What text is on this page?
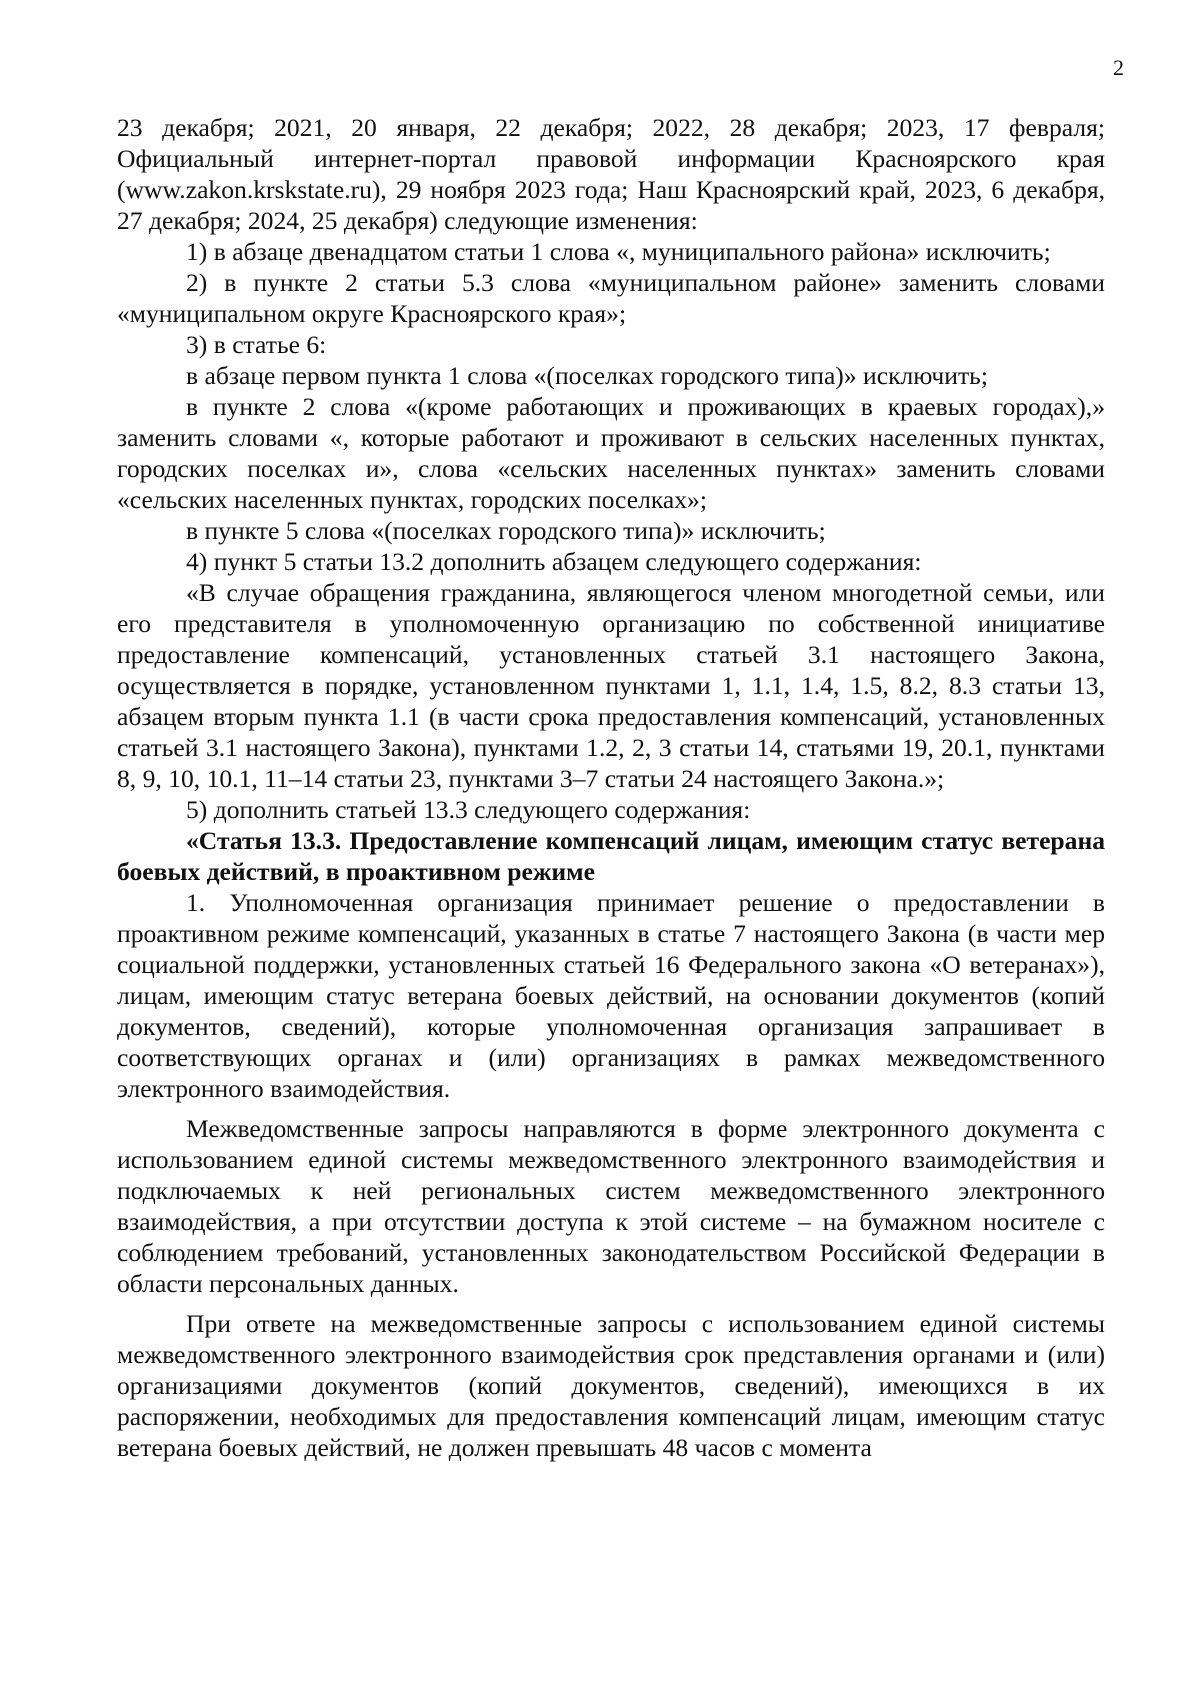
2

23 декабря; 2021, 20 января, 22 декабря; 2022, 28 декабря; 2023, 17 февраля; Официальный интернет-портал правовой информации Красноярского края (www.zakon.krskstate.ru), 29 ноября 2023 года; Наш Красноярский край, 2023, 6 декабря, 27 декабря; 2024, 25 декабря) следующие изменения:

1) в абзаце двенадцатом статьи 1 слова «, муниципального района» исключить;

2) в пункте 2 статьи 5.3 слова «муниципальном районе» заменить словами «муниципальном округе Красноярского края»;

3) в статье 6:

в абзаце первом пункта 1 слова «(поселках городского типа)» исключить;

в пункте 2 слова «(кроме работающих и проживающих в краевых городах),» заменить словами «, которые работают и проживают в сельских населенных пунктах, городских поселках и», слова «сельских населенных пунктах» заменить словами «сельских населенных пунктах, городских поселках»;

в пункте 5 слова «(поселках городского типа)» исключить;

4) пункт 5 статьи 13.2 дополнить абзацем следующего содержания:

«В случае обращения гражданина, являющегося членом многодетной семьи, или его представителя в уполномоченную организацию по собственной инициативе предоставление компенсаций, установленных статьей 3.1 настоящего Закона, осуществляется в порядке, установленном пунктами 1, 1.1, 1.4, 1.5, 8.2, 8.3 статьи 13, абзацем вторым пункта 1.1 (в части срока предоставления компенсаций, установленных статьей 3.1 настоящего Закона), пунктами 1.2, 2, 3 статьи 14, статьями 19, 20.1, пунктами 8, 9, 10, 10.1, 11–14 статьи 23, пунктами 3–7 статьи 24 настоящего Закона.»;

5) дополнить статьей 13.3 следующего содержания:

«Статья 13.3. Предоставление компенсаций лицам, имеющим статус ветерана боевых действий, в проактивном режиме

1. Уполномоченная организация принимает решение о предоставлении в проактивном режиме компенсаций, указанных в статье 7 настоящего Закона (в части мер социальной поддержки, установленных статьей 16 Федерального закона «О ветеранах»), лицам, имеющим статус ветерана боевых действий, на основании документов (копий документов, сведений), которые уполномоченная организация запрашивает в соответствующих органах и (или) организациях в рамках межведомственного электронного взаимодействия.

Межведомственные запросы направляются в форме электронного документа с использованием единой системы межведомственного электронного взаимодействия и подключаемых к ней региональных систем межведомственного электронного взаимодействия, а при отсутствии доступа к этой системе – на бумажном носителе с соблюдением требований, установленных законодательством Российской Федерации в области персональных данных.

При ответе на межведомственные запросы с использованием единой системы межведомственного электронного взаимодействия срок представления органами и (или) организациями документов (копий документов, сведений), имеющихся в их распоряжении, необходимых для предоставления компенсаций лицам, имеющим статус ветерана боевых действий, не должен превышать 48 часов с момента
